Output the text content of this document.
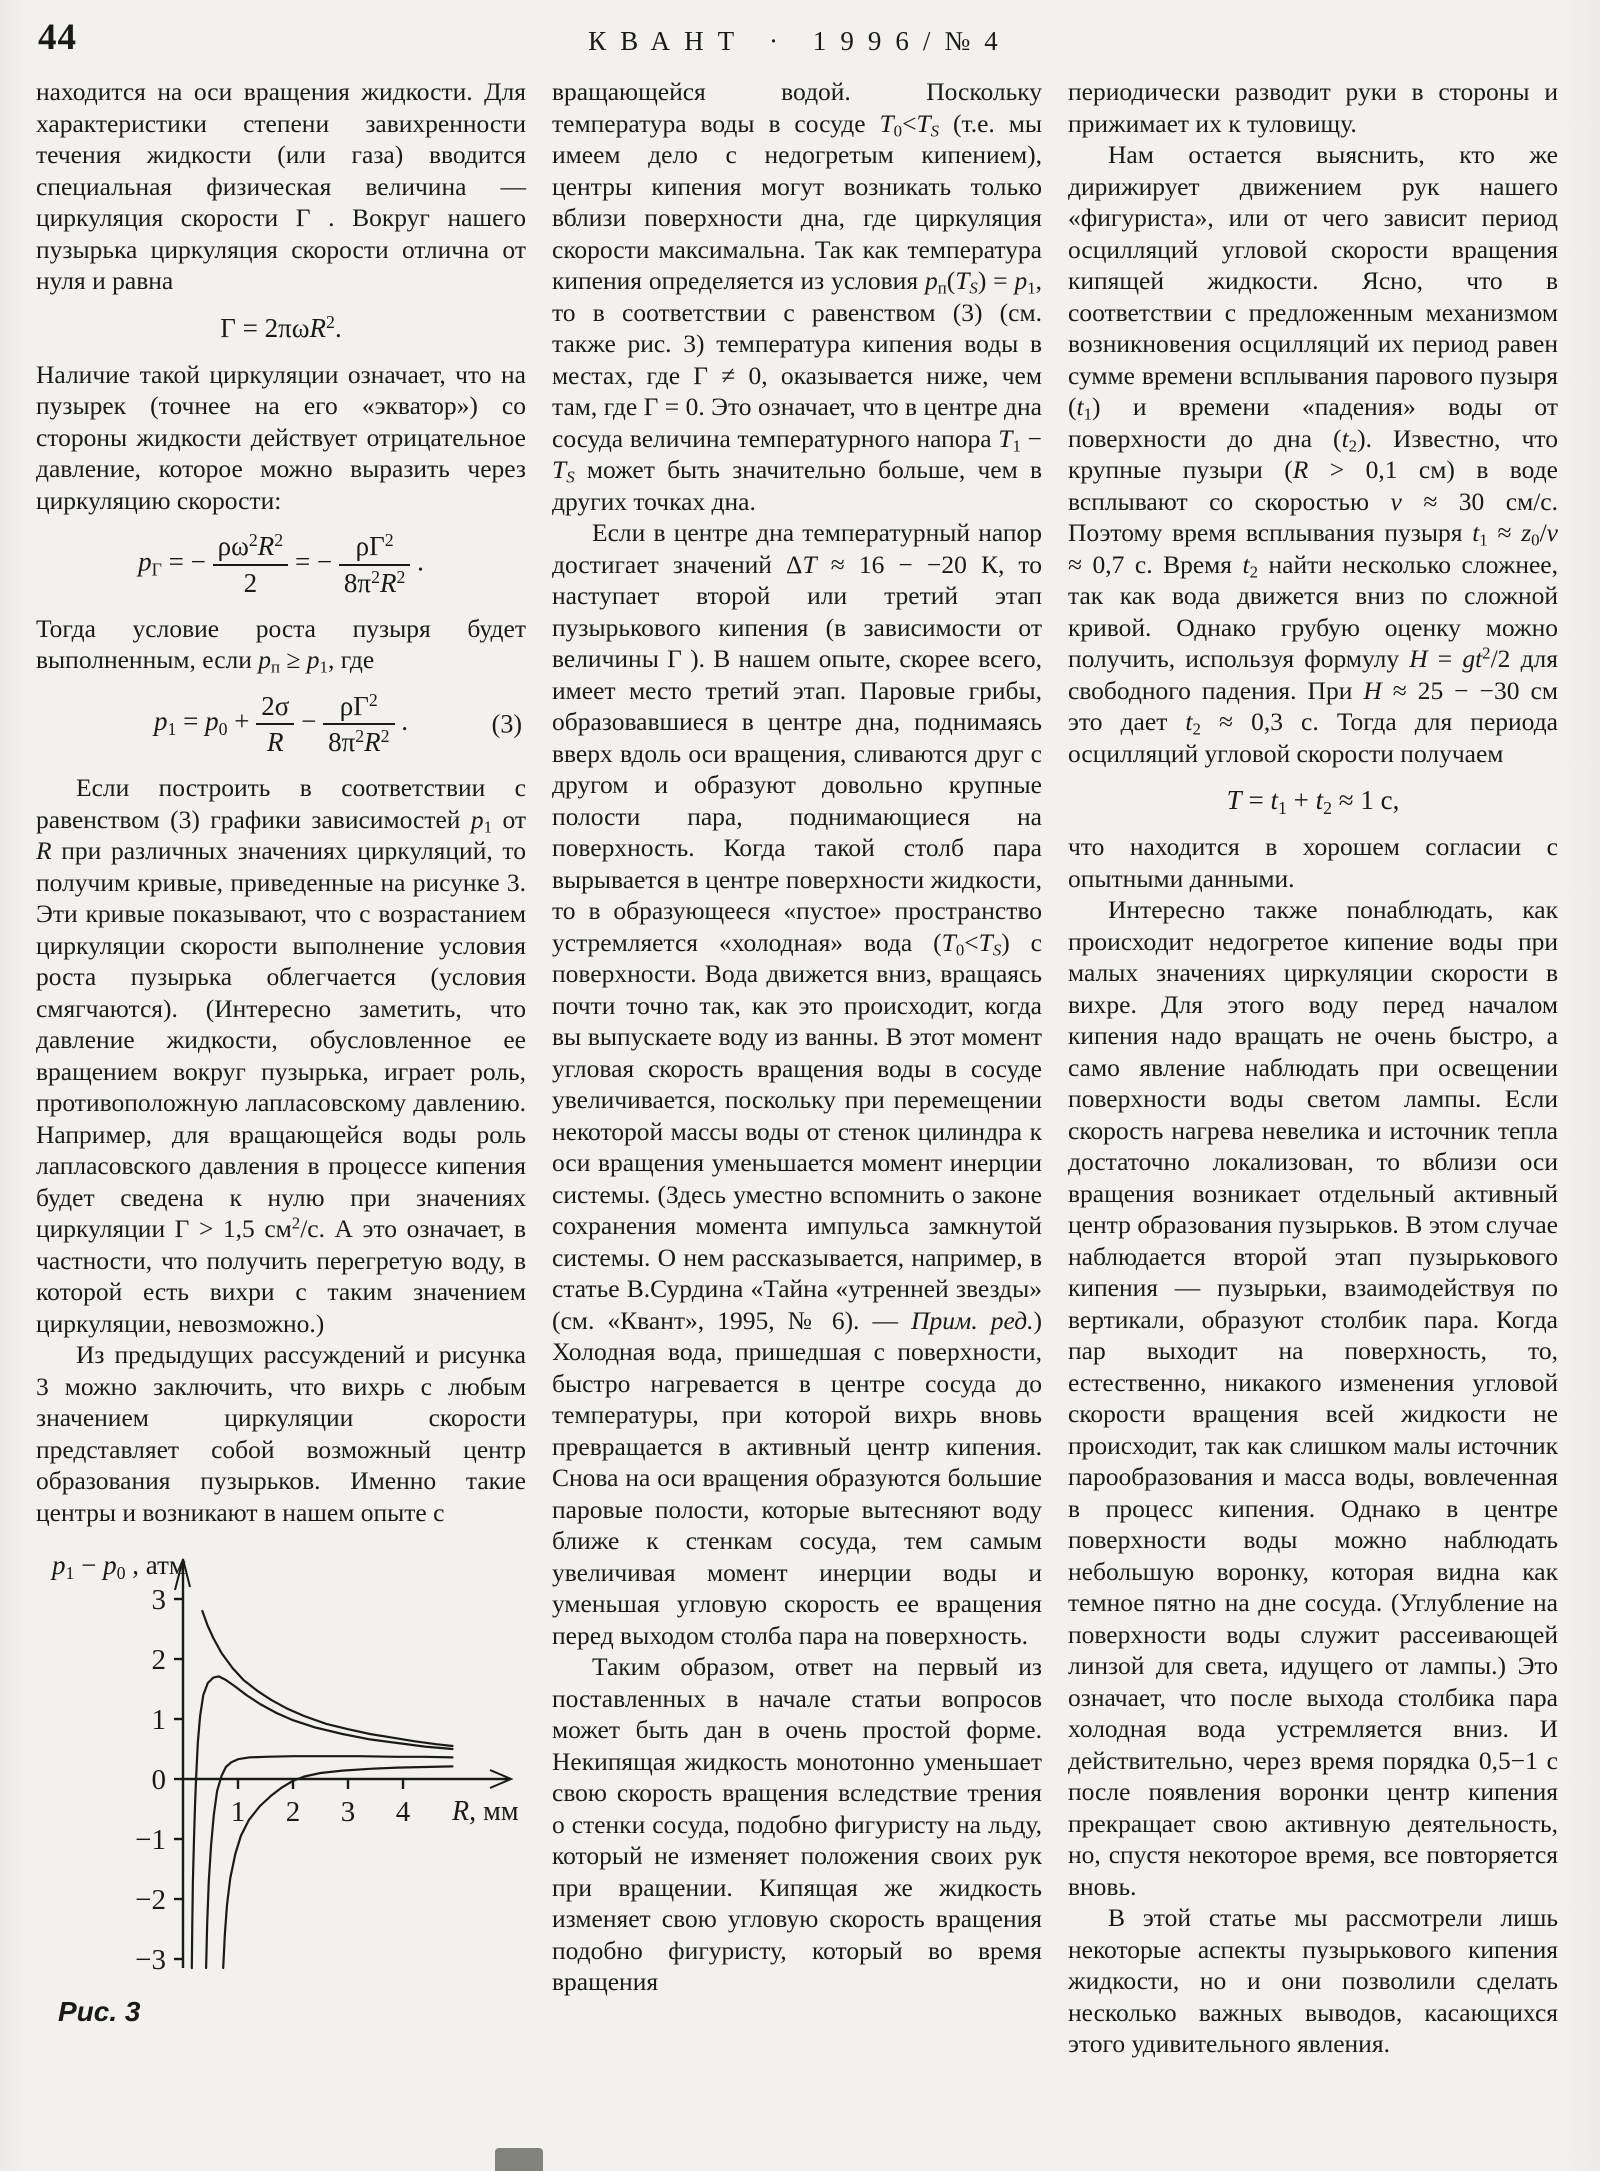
44	КВАНТ · 1996/№4

находится на оси вращения жидкости. Для характеристики степени завихренности течения жидкости (или газа) вводится специальная физическая величина — циркуляция скорости Γ . Вокруг нашего пузырька циркуляция скорости отлична от нуля и равна

Γ = 2πωR$^2$.

Наличие такой циркуляции означает, что на пузырек (точнее на его «экватор») со стороны жидкости действует отрицательное давление, которое можно выразить через циркуляцию скорости:

$p_\Gamma$ = − $\frac{\rho\omega^2R^2}{2}$ = − $\frac{\rho\Gamma^2}{8\pi^2R^2}$ .

Тогда условие роста пузыря будет выполненным, если $p_п \ge p_1$, где

$p_1 = p_0 + \frac{2\sigma}{R} - \frac{\rho\Gamma^2}{8\pi^2R^2}$ .	(3)

Если построить в соответствии с равенством (3) графики зависимостей $p_1$ от R при различных значениях циркуляций, то получим кривые, приведенные на рисунке 3. Эти кривые показывают, что с возрастанием циркуляции скорости выполнение условия роста пузырька облегчается (условия смягчаются). (Интересно заметить, что давление жидкости, обусловленное ее вращением вокруг пузырька, играет роль, противоположную лапласовскому давлению. Например, для вращающейся воды роль лапласовского давления в процессе кипения будет сведена к нулю при значениях циркуляции Γ > 1,5 $см^2/с$. А это означает, в частности, что получить перегретую воду, в которой есть вихри с таким значением циркуляции, невозможно.)

Из предыдущих рассуждений и рисунка 3 можно заключить, что вихрь с любым значением циркуляции скорости представляет собой возможный центр образования пузырьков. Именно такие центры и возникают в нашем опыте с

1 2 3 4
3
2
1
0
−1
−2
−3
$p_1 - p_0$ , атм
R, мм
Рис. 3

вращающейся водой. Поскольку температура воды в сосуде $T_0<T_S$ (т.е. мы имеем дело с недогретым кипением), центры кипения могут возникать только вблизи поверхности дна, где циркуляция скорости максимальна. Так как температура кипения определяется из условия $p_п(T_S) = p_1$, то в соответствии с равенством (3) (см. также рис. 3) температура кипения воды в местах, где Γ ≠ 0, оказывается ниже, чем там, где Γ = 0. Это означает, что в центре дна сосуда величина температурного напора $T_1 - T_S$ может быть значительно больше, чем в других точках дна.

Если в центре дна температурный напор достигает значений ΔT ≈ 16 − −20 К, то наступает второй или третий этап пузырькового кипения (в зависимости от величины Γ ). В нашем опыте, скорее всего, имеет место третий этап. Паровые грибы, образовавшиеся в центре дна, поднимаясь вверх вдоль оси вращения, сливаются друг с другом и образуют довольно крупные полости пара, поднимающиеся на поверхность. Когда такой столб пара вырывается в центре поверхности жидкости, то в образующееся «пустое» пространство устремляется «холодная» вода $(T_0<T_S)$ с поверхности. Вода движется вниз, вращаясь почти точно так, как это происходит, когда вы выпускаете воду из ванны. В этот момент угловая скорость вращения воды в сосуде увеличивается, поскольку при перемещении некоторой массы воды от стенок цилиндра к оси вращения уменьшается момент инерции системы. (Здесь уместно вспомнить о законе сохранения момента импульса замкнутой системы. О нем рассказывается, например, в статье В.Сурдина «Тайна «утренней звезды» (см. «Квант», 1995, № 6). — Прим. ред.) Холодная вода, пришедшая с поверхности, быстро нагревается в центре сосуда до температуры, при которой вихрь вновь превращается в активный центр кипения. Снова на оси вращения образуются большие паровые полости, которые вытесняют воду ближе к стенкам сосуда, тем самым увеличивая момент инерции воды и уменьшая угловую скорость ее вращения перед выходом столба пара на поверхность.

Таким образом, ответ на первый из поставленных в начале статьи вопросов может быть дан в очень простой форме. Некипящая жидкость монотонно уменьшает свою скорость вращения вследствие трения о стенки сосуда, подобно фигуристу на льду, который не изменяет положения своих рук при вращении. Кипящая же жидкость изменяет свою угловую скорость вращения подобно фигуристу, который во время вращения

периодически разводит руки в стороны и прижимает их к туловищу.

Нам остается выяснить, кто же дирижирует движением рук нашего «фигуриста», или от чего зависит период осцилляций угловой скорости вращения кипящей жидкости. Ясно, что в соответствии с предложенным механизмом возникновения осцилляций их период равен сумме времени всплывания парового пузыря $(t_1)$ и времени «падения» воды от поверхности до дна $(t_2)$. Известно, что крупные пузыри (R > 0,1 см) в воде всплывают со скоростью v ≈ 30 см/с. Поэтому время всплывания пузыря $t_1 \approx z_0/v \approx 0,7$ с. Время $t_2$ найти несколько сложнее, так как вода движется вниз по сложной кривой. Однако грубую оценку можно получить, используя формулу $H = gt^2/2$ для свободного падения. При H ≈ 25 − −30 см это дает $t_2 \approx 0,3$ с. Тогда для периода осцилляций угловой скорости получаем

$T = t_1 + t_2 \approx 1$ с,

что находится в хорошем согласии с опытными данными.

Интересно также понаблюдать, как происходит недогретое кипение воды при малых значениях циркуляции скорости в вихре. Для этого воду перед началом кипения надо вращать не очень быстро, а само явление наблюдать при освещении поверхности воды светом лампы. Если скорость нагрева невелика и источник тепла достаточно локализован, то вблизи оси вращения возникает отдельный активный центр образования пузырьков. В этом случае наблюдается второй этап пузырькового кипения — пузырьки, взаимодействуя по вертикали, образуют столбик пара. Когда пар выходит на поверхность, то, естественно, никакого изменения угловой скорости вращения всей жидкости не происходит, так как слишком малы источник парообразования и масса воды, вовлеченная в процесс кипения. Однако в центре поверхности воды можно наблюдать небольшую воронку, которая видна как темное пятно на дне сосуда. (Углубление на поверхности воды служит рассеивающей линзой для света, идущего от лампы.) Это означает, что после выхода столбика пара холодная вода устремляется вниз. И действительно, через время порядка 0,5−1 с после появления воронки центр кипения прекращает свою активную деятельность, но, спустя некоторое время, все повторяется вновь.

В этой статье мы рассмотрели лишь некоторые аспекты пузырькового кипения жидкости, но и они позволили сделать несколько важных выводов, касающихся этого удивительного явления.
